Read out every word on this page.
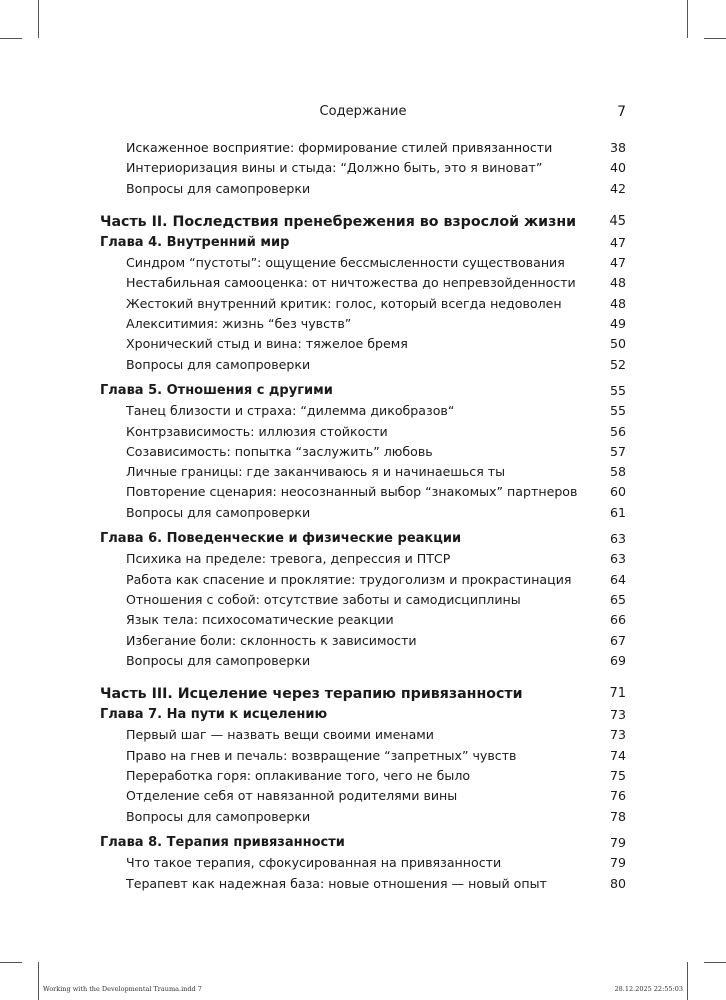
Содержание	7
Искаженное восприятие: формирование стилей привязанности	38
Интериоризация вины и стыда: “Должно быть, это я виноват”	40
Вопросы для самопроверки	42
Часть II. Последствия пренебрежения во взрослой жизни	45
Глава 4. Внутренний мир	47
Синдром “пустоты”: ощущение бессмысленности существования	47
Нестабильная самооценка: от ничтожества до непревзойденности	48
Жестокий внутренний критик: голос, который всегда недоволен	48
Алекситимия: жизнь “без чувств”	49
Хронический стыд и вина: тяжелое бремя	50
Вопросы для самопроверки	52
Глава 5. Отношения с другими	55
Танец близости и страха: “дилемма дикобразов“	55
Контрзависимость: иллюзия стойкости	56
Созависимость: попытка “заслужить” любовь	57
Личные границы: где заканчиваюсь я и начинаешься ты	58
Повторение сценария: неосознанный выбор “знакомых” партнеров	60
Вопросы для самопроверки	61
Глава 6. Поведенческие и физические реакции	63
Психика на пределе: тревога, депрессия и ПТСР	63
Работа как спасение и проклятие: трудоголизм и прокрастинация	64
Отношения с собой: отсутствие заботы и самодисциплины	65
Язык тела: психосоматические реакции	66
Избегание боли: склонность к зависимости	67
Вопросы для самопроверки	69
Часть III. Исцеление через терапию привязанности	71
Глава 7. На пути к исцелению	73
Первый шаг — назвать вещи своими именами	73
Право на гнев и печаль: возвращение “запретных” чувств	74
Переработка горя: оплакивание того, чего не было	75
Отделение себя от навязанной родителями вины	76
Вопросы для самопроверки	78
Глава 8. Терапия привязанности	79
Что такое терапия, сфокусированная на привязанности	79
Терапевт как надежная база: новые отношения — новый опыт	80
Working with the Developmental Trauma.indd 7	28.12.2025 22:55:03
